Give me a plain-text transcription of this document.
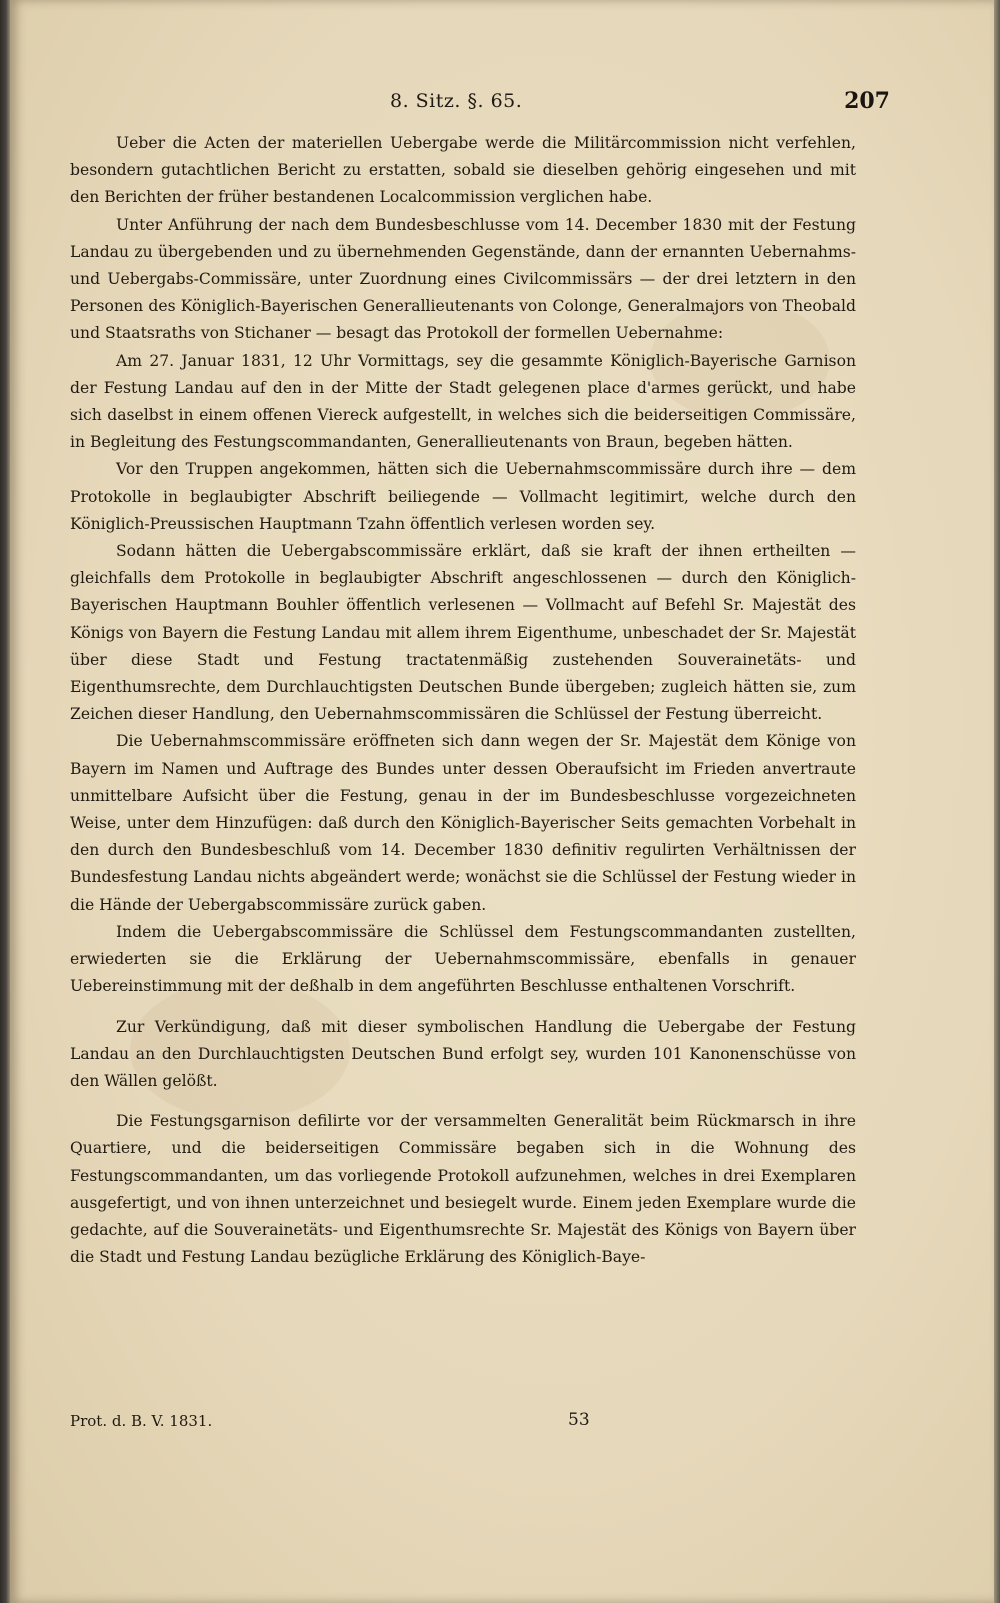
8. Sitz. §. 65.	207

Ueber die Acten der materiellen Uebergabe werde die Militärcommission nicht verfehlen, besondern gutachtlichen Bericht zu erstatten, sobald sie dieselben gehörig eingesehen und mit den Berichten der früher bestandenen Localcommission verglichen habe.

Unter Anführung der nach dem Bundesbeschlusse vom 14. December 1830 mit der Festung Landau zu übergebenden und zu übernehmenden Gegenstände, dann der ernannten Uebernahms- und Uebergabs-Commissäre, unter Zuordnung eines Civilcommissärs — der drei letztern in den Personen des Königlich-Bayerischen Generallieutenants von Colonge, Generalmajors von Theobald und Staatsraths von Stichaner — besagt das Protokoll der formellen Uebernahme:

Am 27. Januar 1831, 12 Uhr Vormittags, sey die gesammte Königlich-Bayerische Garnison der Festung Landau auf den in der Mitte der Stadt gelegenen place d'armes gerückt, und habe sich daselbst in einem offenen Viereck aufgestellt, in welches sich die beiderseitigen Commissäre, in Begleitung des Festungscommandanten, Generallieutenants von Braun, begeben hätten.

Vor den Truppen angekommen, hätten sich die Uebernahmscommissäre durch ihre — dem Protokolle in beglaubigter Abschrift beiliegende — Vollmacht legitimirt, welche durch den Königlich-Preussischen Hauptmann Tzahn öffentlich verlesen worden sey.

Sodann hätten die Uebergabscommissäre erklärt, daß sie kraft der ihnen ertheilten — gleichfalls dem Protokolle in beglaubigter Abschrift angeschlossenen — durch den Königlich-Bayerischen Hauptmann Bouhler öffentlich verlesenen — Vollmacht auf Befehl Sr. Majestät des Königs von Bayern die Festung Landau mit allem ihrem Eigenthume, unbeschadet der Sr. Majestät über diese Stadt und Festung tractatenmäßig zustehenden Souverainetäts- und Eigenthumsrechte, dem Durchlauchtigsten Deutschen Bunde übergeben; zugleich hätten sie, zum Zeichen dieser Handlung, den Uebernahmscommissären die Schlüssel der Festung überreicht.

Die Uebernahmscommissäre eröffneten sich dann wegen der Sr. Majestät dem Könige von Bayern im Namen und Auftrage des Bundes unter dessen Oberaufsicht im Frieden anvertraute unmittelbare Aufsicht über die Festung, genau in der im Bundesbeschlusse vorgezeichneten Weise, unter dem Hinzufügen: daß durch den Königlich-Bayerischer Seits gemachten Vorbehalt in den durch den Bundesbeschluß vom 14. December 1830 definitiv regulirten Verhältnissen der Bundesfestung Landau nichts abgeändert werde; wonächst sie die Schlüssel der Festung wieder in die Hände der Uebergabscommissäre zurück gaben.

Indem die Uebergabscommissäre die Schlüssel dem Festungscommandanten zustellten, erwiederten sie die Erklärung der Uebernahmscommissäre, ebenfalls in genauer Uebereinstimmung mit der deßhalb in dem angeführten Beschlusse enthaltenen Vorschrift.

Zur Verkündigung, daß mit dieser symbolischen Handlung die Uebergabe der Festung Landau an den Durchlauchtigsten Deutschen Bund erfolgt sey, wurden 101 Kanonenschüsse von den Wällen gelößt.

Die Festungsgarnison defilirte vor der versammelten Generalität beim Rückmarsch in ihre Quartiere, und die beiderseitigen Commissäre begaben sich in die Wohnung des Festungscommandanten, um das vorliegende Protokoll aufzunehmen, welches in drei Exemplaren ausgefertigt, und von ihnen unterzeichnet und besiegelt wurde. Einem jeden Exemplare wurde die gedachte, auf die Souverainetäts- und Eigenthumsrechte Sr. Majestät des Königs von Bayern über die Stadt und Festung Landau bezügliche Erklärung des Königlich-Baye-

Prot. d. B. V. 1831.	53
